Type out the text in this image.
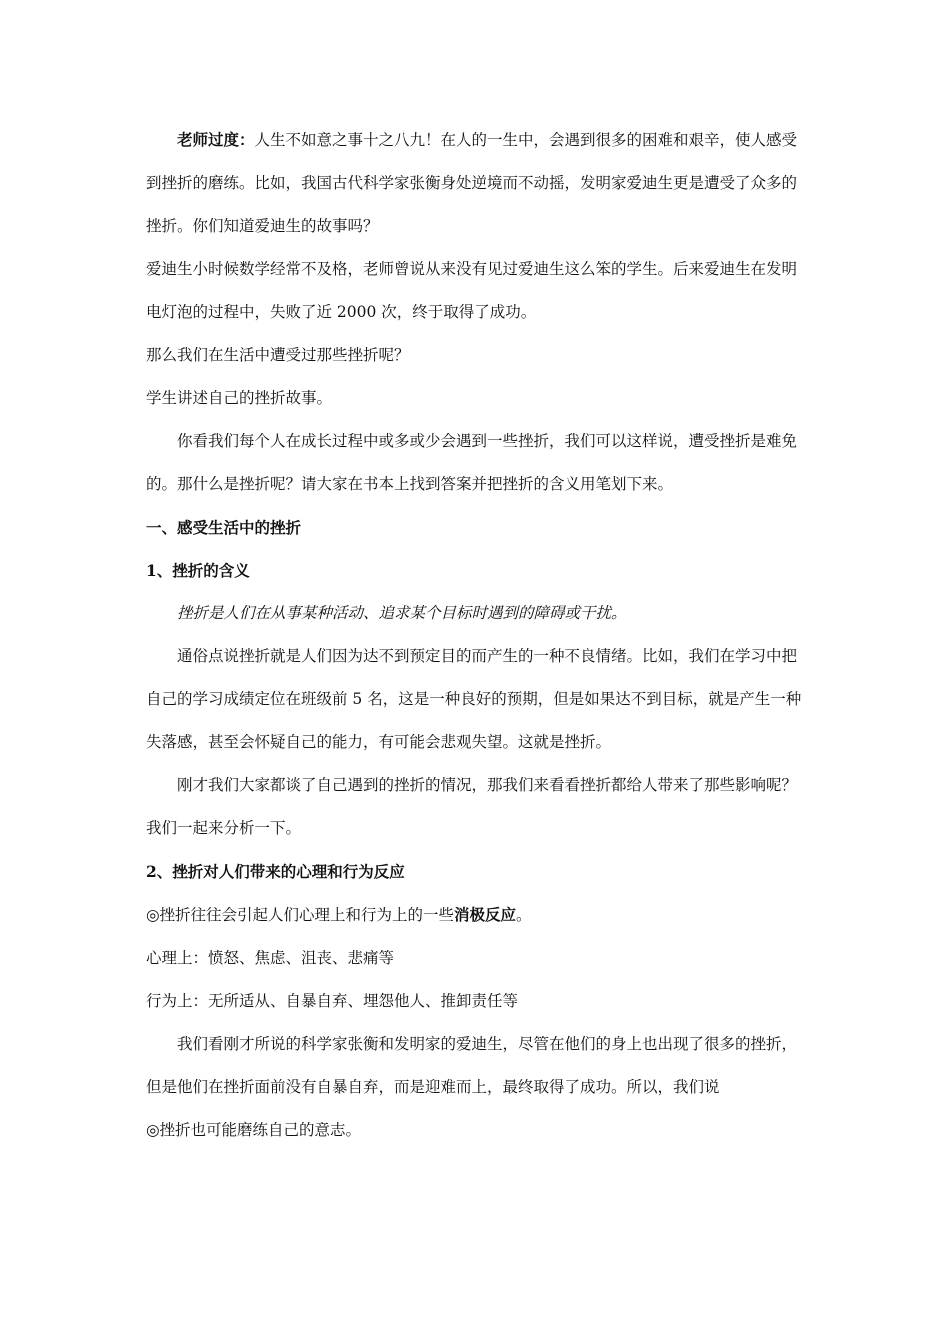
老师过度：人生不如意之事十之八九！在人的一生中，会遇到很多的困难和艰辛，使人感受到挫折的磨练。比如，我国古代科学家张衡身处逆境而不动摇，发明家爱迪生更是遭受了众多的挫折。你们知道爱迪生的故事吗？

爱迪生小时候数学经常不及格，老师曾说从来没有见过爱迪生这么笨的学生。后来爱迪生在发明电灯泡的过程中，失败了近 2000 次，终于取得了成功。

那么我们在生活中遭受过那些挫折呢？

学生讲述自己的挫折故事。

你看我们每个人在成长过程中或多或少会遇到一些挫折，我们可以这样说，遭受挫折是难免的。那什么是挫折呢？请大家在书本上找到答案并把挫折的含义用笔划下来。

一、感受生活中的挫折

1、挫折的含义

挫折是人们在从事某种活动、追求某个目标时遇到的障碍或干扰。

通俗点说挫折就是人们因为达不到预定目的而产生的一种不良情绪。比如，我们在学习中把自己的学习成绩定位在班级前 5 名，这是一种良好的预期，但是如果达不到目标，就是产生一种失落感，甚至会怀疑自己的能力，有可能会悲观失望。这就是挫折。

刚才我们大家都谈了自己遇到的挫折的情况，那我们来看看挫折都给人带来了那些影响呢？我们一起来分析一下。

2、挫折对人们带来的心理和行为反应

◎挫折往往会引起人们心理上和行为上的一些消极反应。

心理上：愤怒、焦虑、沮丧、悲痛等

行为上：无所适从、自暴自弃、埋怨他人、推卸责任等

我们看刚才所说的科学家张衡和发明家的爱迪生，尽管在他们的身上也出现了很多的挫折，但是他们在挫折面前没有自暴自弃，而是迎难而上，最终取得了成功。所以，我们说

◎挫折也可能磨练自己的意志。
